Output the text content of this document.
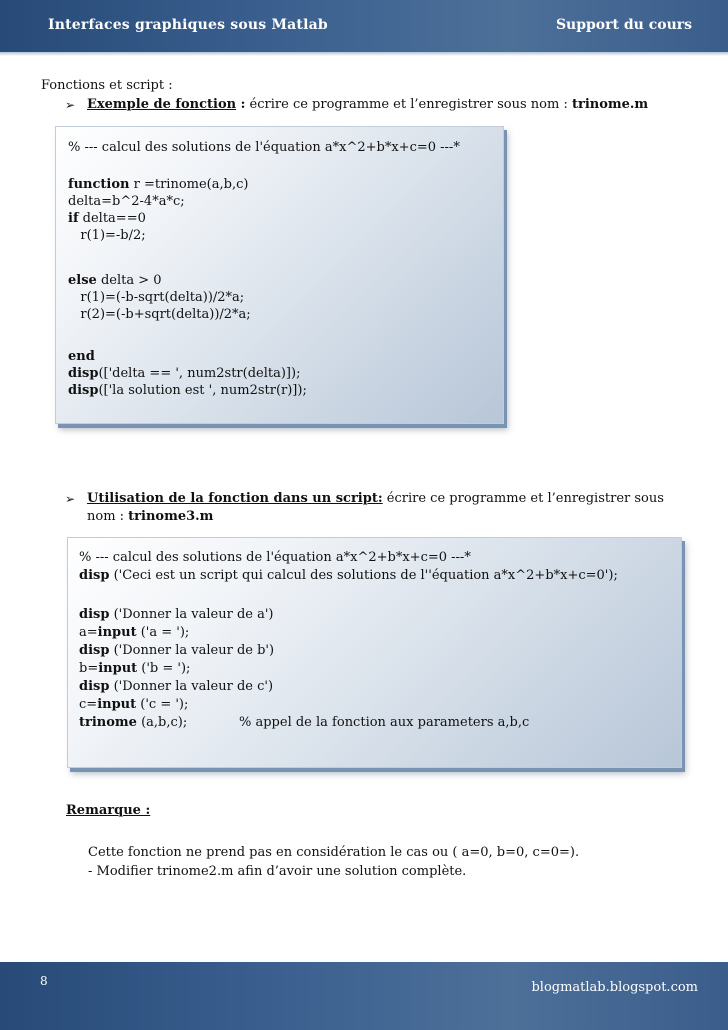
Interfaces graphiques sous Matlab	Support du cours
Fonctions et script :
➢ Exemple de fonction : écrire ce programme et l’enregistrer sous nom : trinome.m
% --- calcul des solutions de l'équation a*x^2+b*x+c=0 ---*
function r =trinome(a,b,c)
delta=b^2-4*a*c;
if delta==0
r(1)=-b/2;
else delta > 0
r(1)=(-b-sqrt(delta))/2*a;
r(2)=(-b+sqrt(delta))/2*a;
end
disp(['delta == ', num2str(delta)]);
disp(['la solution est ', num2str(r)]);
➢ Utilisation de la fonction dans un script: écrire ce programme et l’enregistrer sous
nom : trinome3.m
% --- calcul des solutions de l'équation a*x^2+b*x+c=0 ---*
disp ('Ceci est un script qui calcul des solutions de l''équation a*x^2+b*x+c=0');
disp ('Donner la valeur de a')
a=input ('a = ');
disp ('Donner la valeur de b')
b=input ('b = ');
disp ('Donner la valeur de c')
c=input ('c = ');
trinome (a,b,c);	% appel de la fonction aux parameters a,b,c
Remarque :
Cette fonction ne prend pas en considération le cas ou ( a=0, b=0, c=0=).
- Modifier trinome2.m afin d’avoir une solution complète.
8	blogmatlab.blogspot.com
